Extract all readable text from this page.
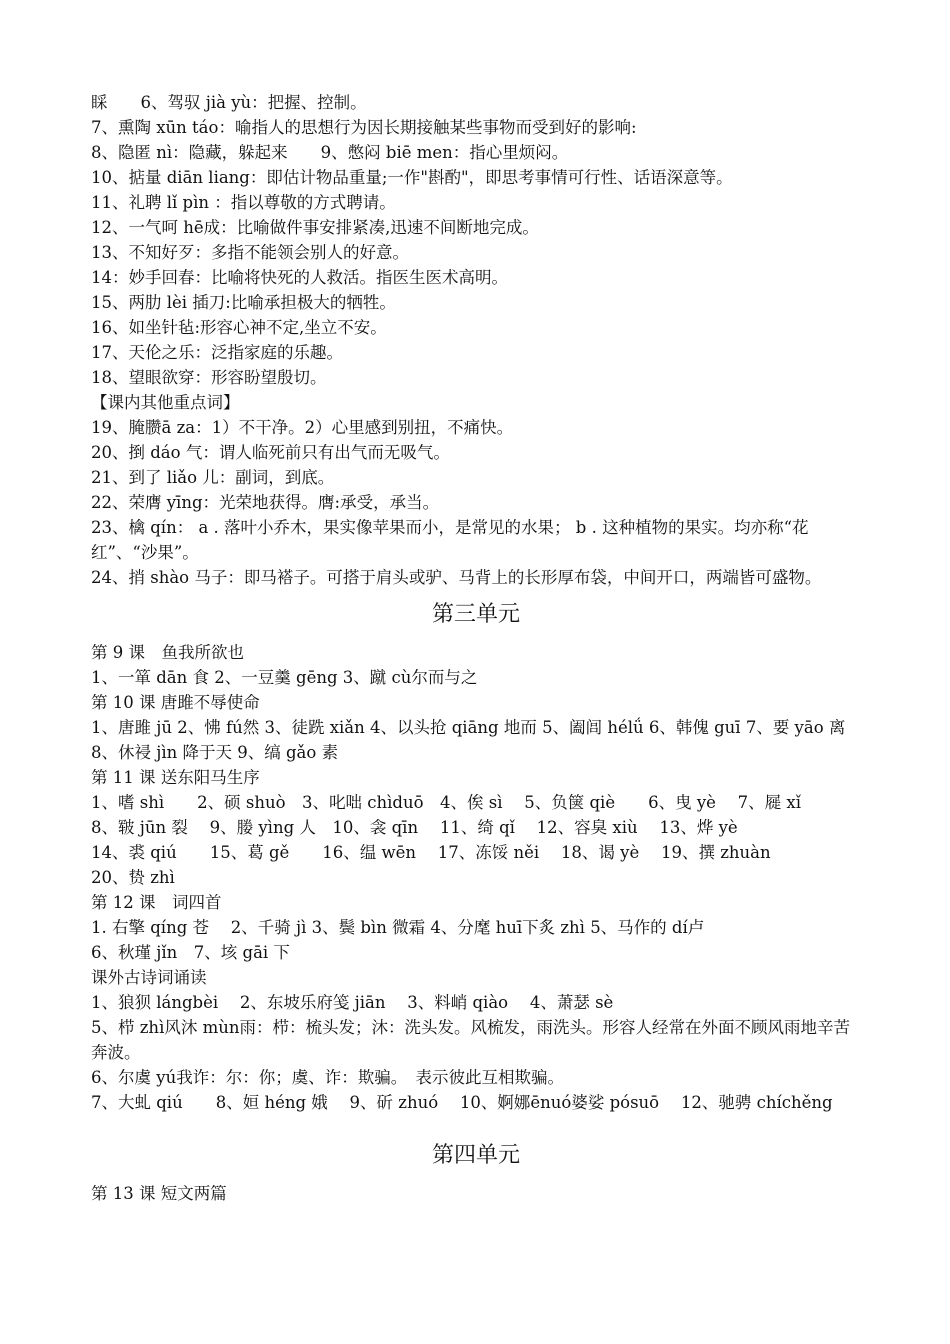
睬　　6、驾驭 jià yù：把握、控制。
7、熏陶 xūn táo：喻指人的思想行为因长期接触某些事物而受到好的影响:
8、隐匿 nì：隐藏，躲起来　　9、憋闷 biē men：指心里烦闷。
10、掂量 diān liang：即估计物品重量;一作"斟酌"，即思考事情可行性、话语深意等。
11、礼聘 lǐ pìn ：指以尊敬的方式聘请。
12、一气呵 hē成：比喻做件事安排紧凑,迅速不间断地完成。
13、不知好歹：多指不能领会别人的好意。
14：妙手回春：比喻将快死的人救活。指医生医术高明。
15、两肋 lèi 插刀:比喻承担极大的牺牲。
16、如坐针毡:形容心神不定,坐立不安。
17、天伦之乐：泛指家庭的乐趣。
18、望眼欲穿：形容盼望殷切。
【课内其他重点词】
19、腌臜ā za：1）不干净。2）心里感到别扭，不痛快。
20、捯 dáo 气：谓人临死前只有出气而无吸气。
21、到了 liǎo 儿：副词，到底。
22、荣膺 yīng：光荣地获得。膺:承受，承当。
23、檎 qín： a . 落叶小乔木，果实像苹果而小，是常见的水果； b . 这种植物的果实。均亦称“花红”、“沙果”。
24、捎 shào 马子：即马褡子。可搭于肩头或驴、马背上的长形厚布袋，中间开口，两端皆可盛物。
第三单元
第 9 课　鱼我所欲也
1、一箪 dān 食 2、一豆羹 gēng 3、蹴 cù尔而与之
第 10 课 唐雎不辱使命
1、唐雎 jū 2、怫 fú然 3、徒跣 xiǎn 4、以头抢 qiāng 地而 5、阖闾 hélǘ 6、韩傀 guī 7、要 yāo 离
8、休祲 jìn 降于天 9、缟 gǎo 素
第 11 课 送东阳马生序
1、嗜 shì　　2、硕 shuò　3、叱咄 chìduō　4、俟 sì　 5、负箧 qiè　　6、曳 yè　 7、屣 xǐ
8、皲 jūn 裂　 9、媵 yìng 人　10、衾 qīn　 11、绮 qǐ　 12、容臭 xiù　 13、烨 yè
14、裘 qiú　　15、葛 gě　　16、缊 wēn　 17、冻馁 něi　 18、谒 yè　 19、撰 zhuàn
20、贽 zhì
第 12 课　词四首
1. 右擎 qíng 苍　 2、千骑 jì 3、鬓 bìn 微霜 4、分麾 huī下炙 zhì 5、马作的 dí卢
6、秋瑾 jǐn　7、垓 gāi 下
课外古诗词诵读
1、狼狈 lángbèi　 2、东坡乐府笺 jiān　 3、料峭 qiào　 4、萧瑟 sè
5、栉 zhì风沐 mùn雨：栉：梳头发；沐：洗头发。风梳发，雨洗头。形容人经常在外面不顾风雨地辛苦奔波。
6、尔虞 yú我诈：尔：你；虞、诈：欺骗。　表示彼此互相欺骗。
7、大虬 qiú　　8、姮 héng 娥　 9、斫 zhuó　 10、婀娜ēnuó婆娑 pósuō　 12、驰骋 chíchěng
第四单元
第 13 课 短文两篇
